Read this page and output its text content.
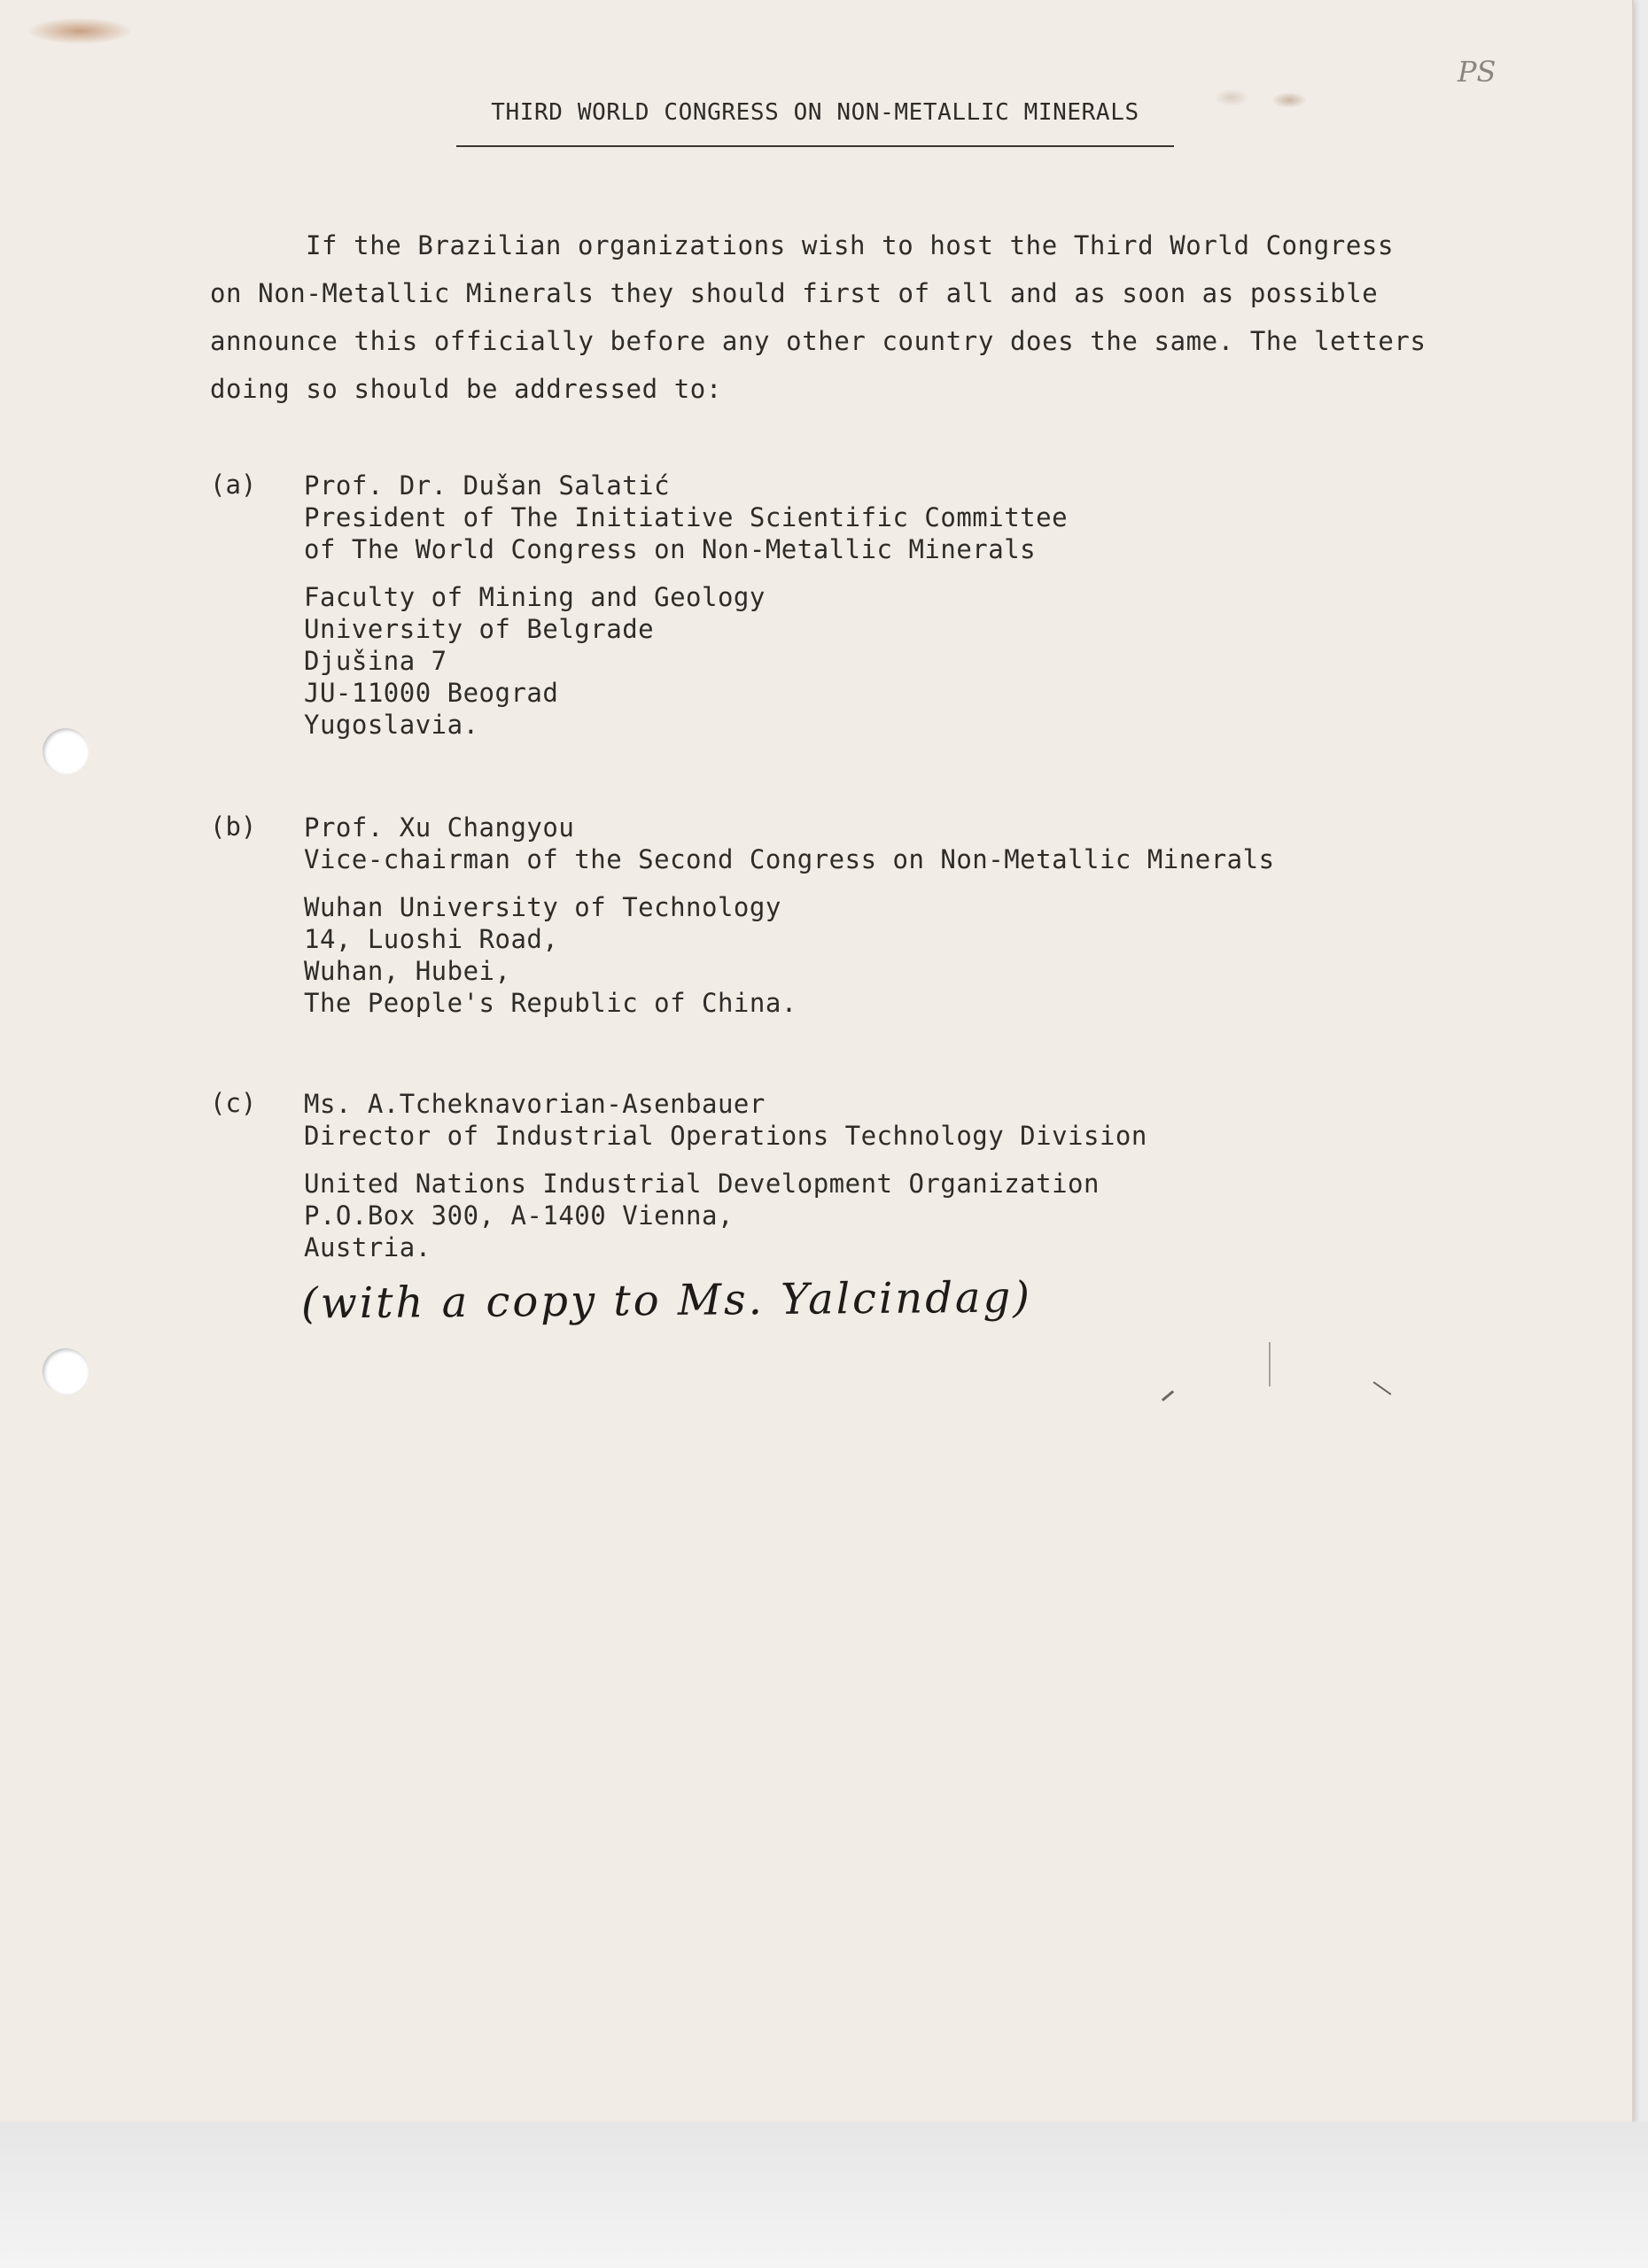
PS
THIRD WORLD CONGRESS ON NON-METALLIC MINERALS
If the Brazilian organizations wish to host the Third World Congress
on Non-Metallic Minerals they should first of all and as soon as possible
announce this officially before any other country does the same. The letters
doing so should be addressed to:
(a) Prof. Dr. Dušan Salatić
President of The Initiative Scientific Committee
of The World Congress on Non-Metallic Minerals
Faculty of Mining and Geology
University of Belgrade
Djušina 7
JU-11000 Beograd
Yugoslavia.
(b) Prof. Xu Changyou
Vice-chairman of the Second Congress on Non-Metallic Minerals
Wuhan University of Technology
14, Luoshi Road,
Wuhan, Hubei,
The People's Republic of China.
(c) Ms. A.Tcheknavorian-Asenbauer
Director of Industrial Operations Technology Division
United Nations Industrial Development Organization
P.O.Box 300, A-1400 Vienna,
Austria.
(with a copy to Ms. Yalcindag)
